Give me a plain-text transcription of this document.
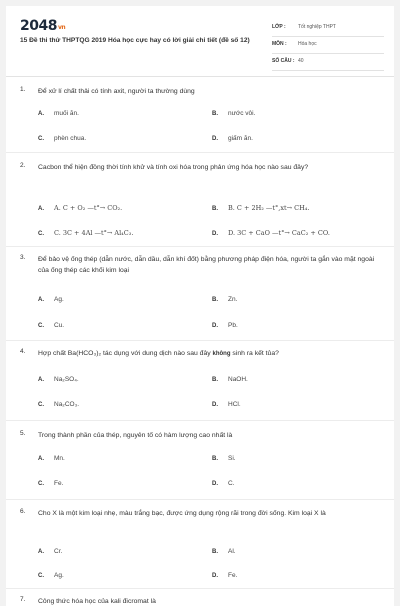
2048vn
15 Đề thi thử THPTQG 2019 Hóa học cực hay có lời giải chi tiết (đề số 12)
LỚP : Tốt nghiệp THPT
MÔN : Hóa học
SỐ CÂU : 40
1. Để xử lí chất thải có tính axit, người ta thường dùng
A. muối ăn.	B. nước vôi.
C. phèn chua.	D. giấm ăn.
2. Cacbon thể hiện đồng thời tính khử và tính oxi hóa trong phản ứng hóa học nào sau đây?
A. A. C + O₂ —t°→ CO₂.	B. B. C + 2H₂ —t°,xt→ CH₄.
C. C. 3C + 4Al —t°→ Al₄C₃.	D. D. 3C + CaO —t°→ CaC₂ + CO.
3. Để bảo vệ ống thép (dẫn nước, dẫn dầu, dẫn khí đốt) bằng phương pháp điện hóa, người ta gắn vào mặt ngoài của ống thép các khối kim loại
A. Ag.	B. Zn.
C. Cu.	D. Pb.
4. Hợp chất Ba(HCO₃)₂ tác dụng với dung dịch nào sau đây không sinh ra kết tủa?
A. Na₂SO₄.	B. NaOH.
C. Na₂CO₃.	D. HCl.
5. Trong thành phần của thép, nguyên tố có hàm lượng cao nhất là
A. Mn.	B. Si.
C. Fe.	D. C.
6. Cho X là một kim loại nhẹ, màu trắng bạc, được ứng dụng rộng rãi trong đời sống. Kim loại X là
A. Cr.	B. Al.
C. Ag.	D. Fe.
7. Công thức hóa học của kali đicromat là
